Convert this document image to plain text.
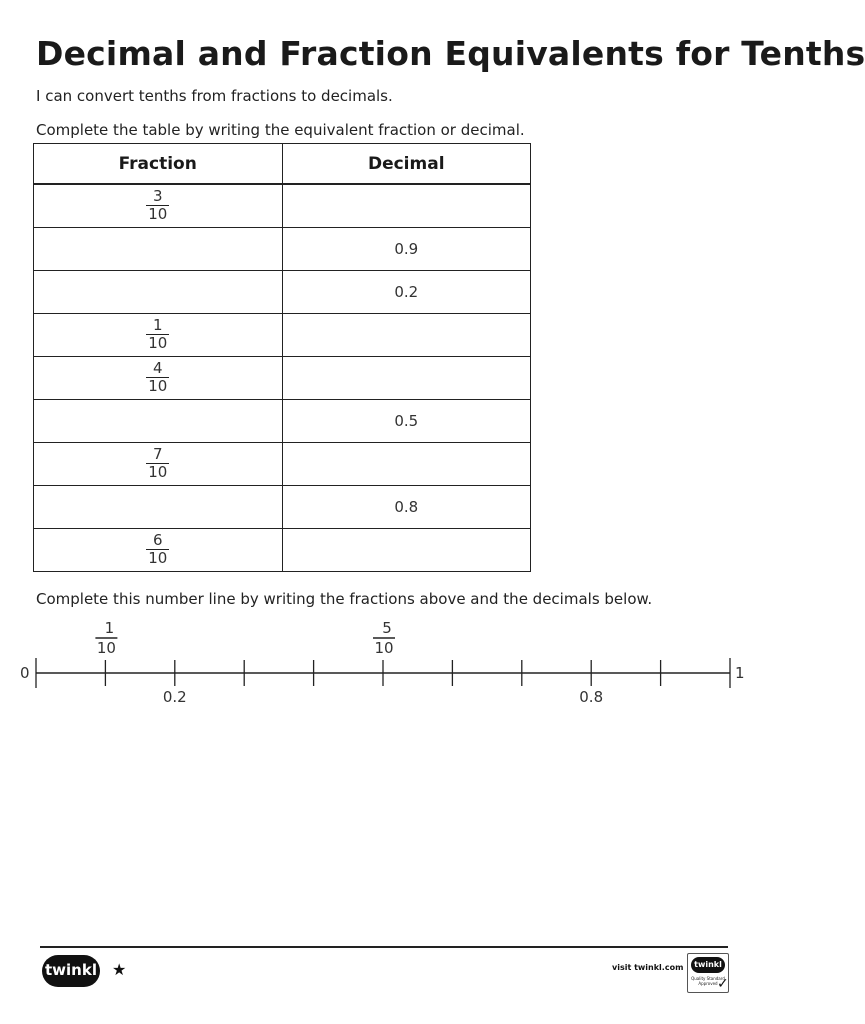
Decimal and Fraction Equivalents for Tenths
I can convert tenths from fractions to decimals.
Complete the table by writing the equivalent fraction or decimal.
Fraction	Decimal

$\frac{3}{10}$

	0.9
	0.2

$\frac{1}{10}$

$\frac{4}{10}$

	0.5

$\frac{7}{10}$

	0.8

$\frac{6}{10}$

Complete this number line by writing the fractions above and the decimals below.
0	1
1
10
5
10
0.2	0.8
twinkl ★	visit twinkl.com	twinkl
Quality Standard Approved ✓
